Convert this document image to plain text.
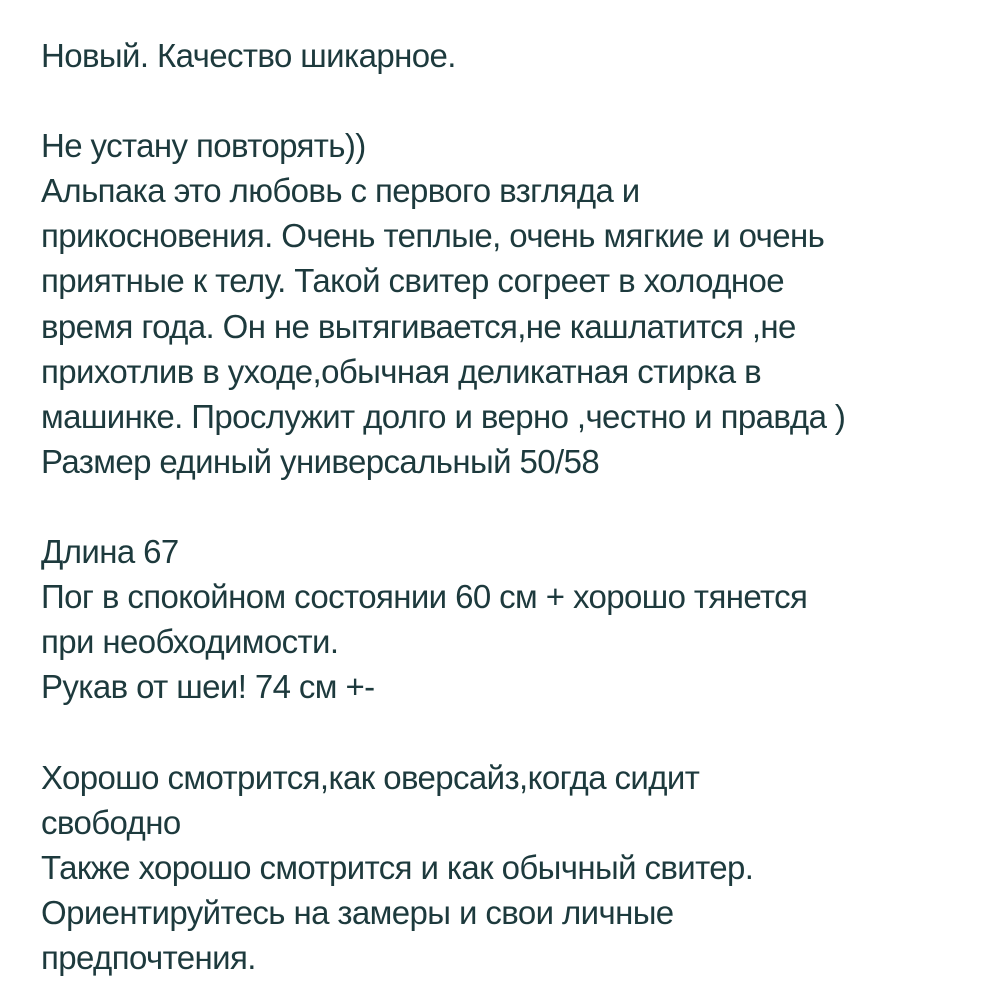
Новый. Качество шикарное.
Не устану повторять))
Альпака это любовь с первого взгляда и
прикосновения. Очень теплые, очень мягкие и очень
приятные к телу. Такой свитер согреет в холодное
время года. Он не вытягивается,не кашлатится ,не
прихотлив в уходе,обычная деликатная стирка в
машинке. Прослужит долго и верно ,честно и правда )
Размер единый универсальный 50/58
Длина 67
Пог в спокойном состоянии 60 см + хорошо тянется
при необходимости.
Рукав от шеи! 74 см +-
Хорошо смотрится,как оверсайз,когда сидит
свободно
Также хорошо смотрится и как обычный свитер.
Ориентируйтесь на замеры и свои личные
предпочтения.
